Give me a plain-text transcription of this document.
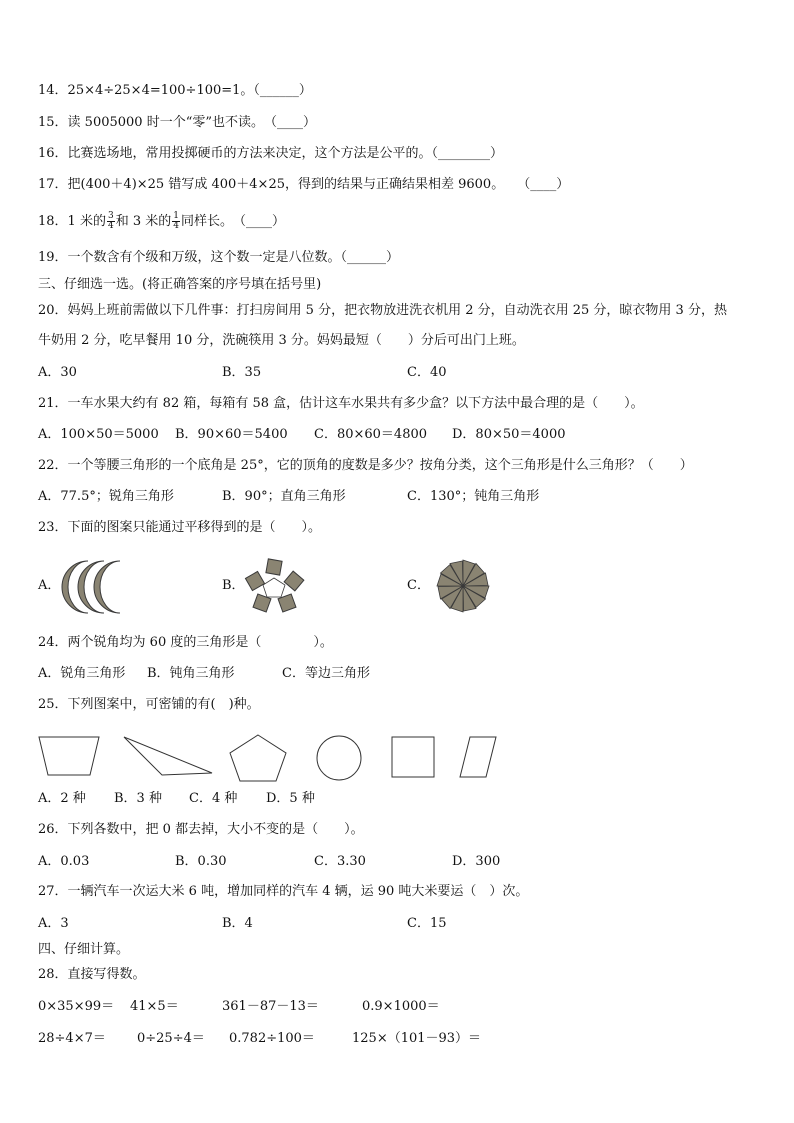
14．25×4÷25×4=100÷100=1。（______）
15．读 5005000 时一个“零”也不读。　（____）
16．比赛选场地，常用投掷硬币的方法来决定，这个方法是公平的。（________）
17．把(400＋4)×25 错写成 400＋4×25，得到的结果与正确结果相差 9600。　　（____）
18．1 米的 $\frac{3}{4}$ 和 3 米的 $\frac{1}{4}$ 同样长。　（____）
19．一个数含有个级和万级，这个数一定是八位数。（______）
三、仔细选一选。(将正确答案的序号填在括号里)
20．妈妈上班前需做以下几件事：打扫房间用 5 分，把衣物放进洗衣机用 2 分，自动洗衣用 25 分，晾衣物用 3 分，热
牛奶用 2 分，吃早餐用 10 分，洗碗筷用 3 分。妈妈最短（　　）分后可出门上班。
A．30	B．35	C．40
21．一车水果大约有 82 箱，每箱有 58 盒，估计这车水果共有多少盒？以下方法中最合理的是（　　）。
A．100×50＝5000 B．90×60＝5400 C．80×60＝4800 D．80×50＝4000
22．一个等腰三角形的一个底角是 25°，它的顶角的度数是多少？按角分类，这个三角形是什么三角形？（　　）
A．77.5°；锐角三角形	B．90°；直角三角形	C．130°；钝角三角形
23．下面的图案只能通过平移得到的是（　　）。
A．	B．	C．
24．两个锐角均为 60 度的三角形是（　　　　）。
A．锐角三角形 B．钝角三角形	C．等边三角形
25．下列图案中，可密铺的有(　)种。
A．2 种 B．3 种 C．4 种 D．5 种
26．下列各数中，把 0 都去掉，大小不变的是（　　）。
A．0.03	B．0.30	C．3.30	D．300
27．一辆汽车一次运大米 6 吨，增加同样的汽车 4 辆，运 90 吨大米要运（　）次。
A．3	B．4	C．15
四、仔细计算。
28．直接写得数。
0×35×99＝ 41×5＝	361－87－13＝	0.9×1000＝
28÷4×7＝ 0÷25÷4＝ 0.782÷100＝	125×（101－93）＝
